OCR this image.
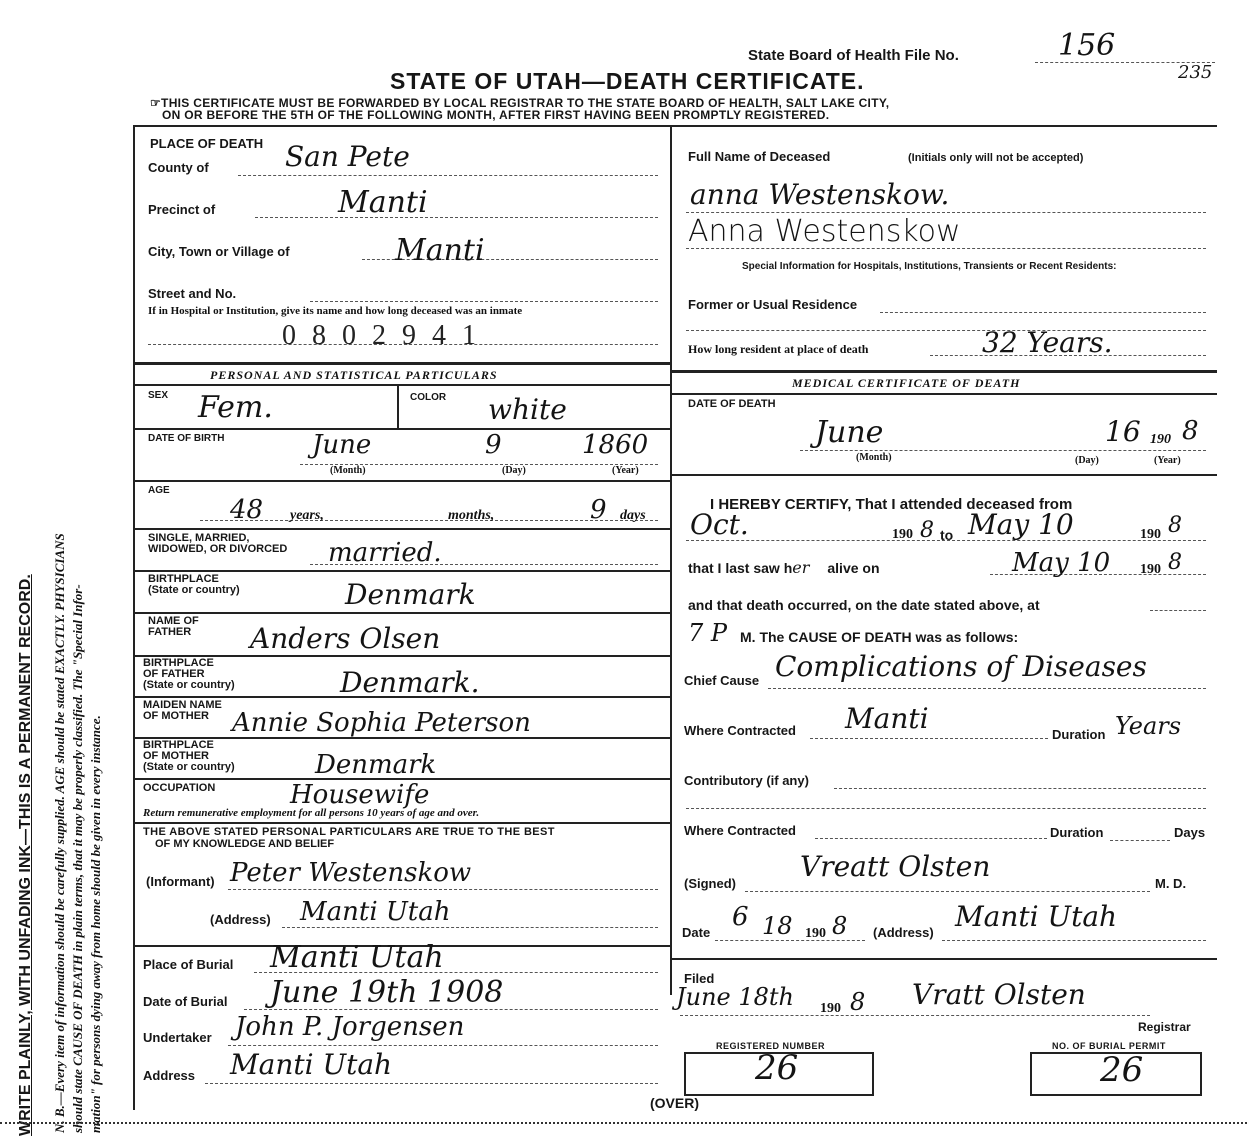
WRITE PLAINLY, WITH UNFADING INK—THIS IS A PERMANENT RECORD.	N. B.—Every item of information should be carefully supplied. AGE should be stated EXACTLY. PHYSICIANS should state CAUSE OF DEATH in plain terms, that it may be properly classified. The "Special Infor- mation" for persons dying away from home should be given in every instance.
State Board of Health File No.	156
235
STATE OF UTAH—DEATH CERTIFICATE.
☞THIS CERTIFICATE MUST BE FORWARDED BY LOCAL REGISTRAR TO THE STATE BOARD OF HEALTH, SALT LAKE CITY,
ON OR BEFORE THE 5TH OF THE FOLLOWING MONTH, AFTER FIRST HAVING BEEN PROMPTLY REGISTERED.
PLACE OF DEATH
County of	San Pete
Precinct of	Manti
City, Town or Village of	Manti
Street and No.
If in Hospital or Institution, give its name and how long deceased was an inmate
0802941
PERSONAL AND STATISTICAL PARTICULARS
SEX Fem.	COLOR white
DATE OF BIRTH	June	9	1860
(Month)	(Day)	(Year)
AGE
48 years,	months,	9 days
SINGLE, MARRIED,
WIDOWED, OR DIVORCED married.
BIRTHPLACE
(State or country)	Denmark
NAME OF
FATHER Anders Olsen
BIRTHPLACE
OF FATHER
(State or country)	Denmark.
MAIDEN NAME
OF MOTHER Annie Sophia Peterson
BIRTHPLACE
OF MOTHER
(State or country)	Denmark
OCCUPATION	Housewife
Return remunerative employment for all persons 10 years of age and over.
THE ABOVE STATED PERSONAL PARTICULARS ARE TRUE TO THE BEST
OF MY KNOWLEDGE AND BELIEF
(Informant) Peter Westenskow
(Address) Manti Utah
Place of Burial Manti Utah
Date of Burial June 19th 1908
Undertaker John P. Jorgensen
Address Manti Utah
Full Name of Deceased	(Initials only will not be accepted)
anna Westenskow.
Anna Westenskow
Special Information for Hospitals, Institutions, Transients or Recent Residents:
Former or Usual Residence
How long resident at place of death	32 Years.
MEDICAL CERTIFICATE OF DEATH
DATE OF DEATH
June	16 190 8
(Month)	(Day)	(Year)
I HEREBY CERTIFY, That I attended deceased from
Oct.	190 8 to May 10	190 8
that I last saw her alive on	May 10 190 8
and that death occurred, on the date stated above, at
7 P M. The CAUSE OF DEATH was as follows:
Chief Cause Complications of Diseases
Where Contracted Manti	Duration Years
Contributory (if any)
Where Contracted	Duration	Days
(Signed)
Vreatt Olsten
M. D.
Date
6 18 190 8 (Address) Manti Utah
Filed
June 18th 190 8 Vratt Olsten
Registrar
REGISTERED NUMBER
26
NO. OF BURIAL PERMIT
26
(OVER)
